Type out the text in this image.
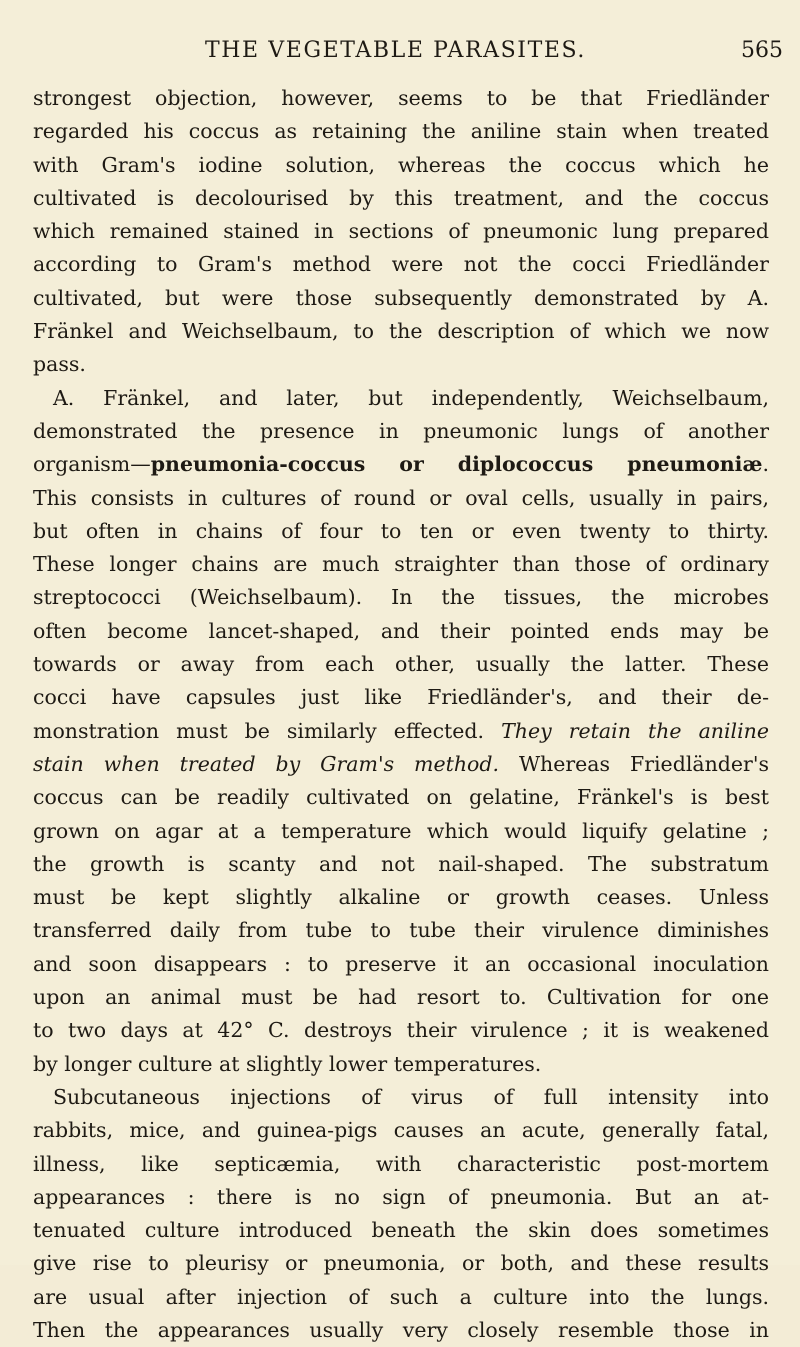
THE VEGETABLE PARASITES.	565
strongest objection, however, seems to be that Friedländer
regarded his coccus as retaining the aniline stain when treated
with Gram's iodine solution, whereas the coccus which he
cultivated is decolourised by this treatment, and the coccus
which remained stained in sections of pneumonic lung prepared
according to Gram's method were not the cocci Friedländer
cultivated, but were those subsequently demonstrated by A.
Fränkel and Weichselbaum, to the description of which we now
pass.
A. Fränkel, and later, but independently, Weichselbaum,
demonstrated the presence in pneumonic lungs of another
organism—pneumonia-coccus or diplococcus pneumoniæ.
This consists in cultures of round or oval cells, usually in pairs,
but often in chains of four to ten or even twenty to thirty.
These longer chains are much straighter than those of ordinary
streptococci (Weichselbaum). In the tissues, the microbes
often become lancet-shaped, and their pointed ends may be
towards or away from each other, usually the latter. These
cocci have capsules just like Friedländer's, and their de-
monstration must be similarly effected. They retain the aniline
stain when treated by Gram's method. Whereas Friedländer's
coccus can be readily cultivated on gelatine, Fränkel's is best
grown on agar at a temperature which would liquify gelatine ;
the growth is scanty and not nail-shaped. The substratum
must be kept slightly alkaline or growth ceases. Unless
transferred daily from tube to tube their virulence diminishes
and soon disappears : to preserve it an occasional inoculation
upon an animal must be had resort to. Cultivation for one
to two days at 42° C. destroys their virulence ; it is weakened
by longer culture at slightly lower temperatures.
Subcutaneous injections of virus of full intensity into
rabbits, mice, and guinea-pigs causes an acute, generally fatal,
illness, like septicæmia, with characteristic post-mortem
appearances : there is no sign of pneumonia. But an at-
tenuated culture introduced beneath the skin does sometimes
give rise to pleurisy or pneumonia, or both, and these results
are usual after injection of such a culture into the lungs.
Then the appearances usually very closely resemble those in
